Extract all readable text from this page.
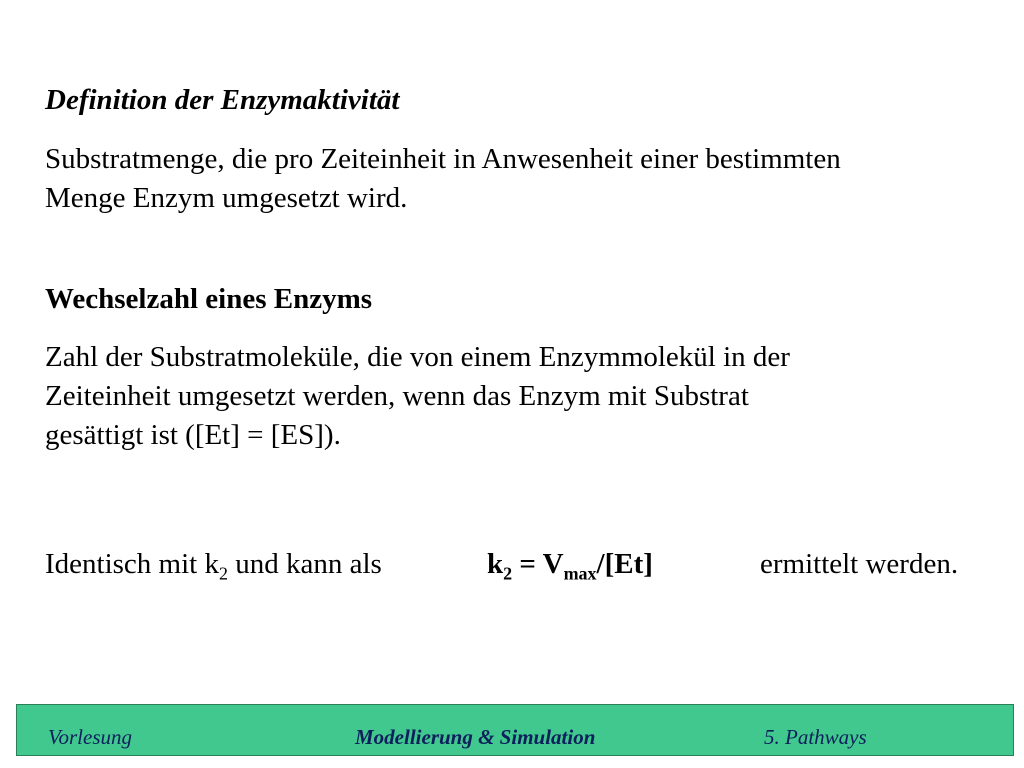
Definition der Enzymaktivität
Substratmenge, die pro Zeiteinheit in Anwesenheit einer bestimmten
Menge Enzym umgesetzt wird.
Wechselzahl eines Enzyms
Zahl der Substratmoleküle, die von einem Enzymmolekül in der
Zeiteinheit umgesetzt werden, wenn das Enzym mit Substrat
gesättigt ist ([Et] = [ES]).
Identisch mit $k_2$ und kann als	$k_2 = V_{max}/[Et]$	ermittelt werden.
Vorlesung	Modellierung & Simulation	5. Pathways
